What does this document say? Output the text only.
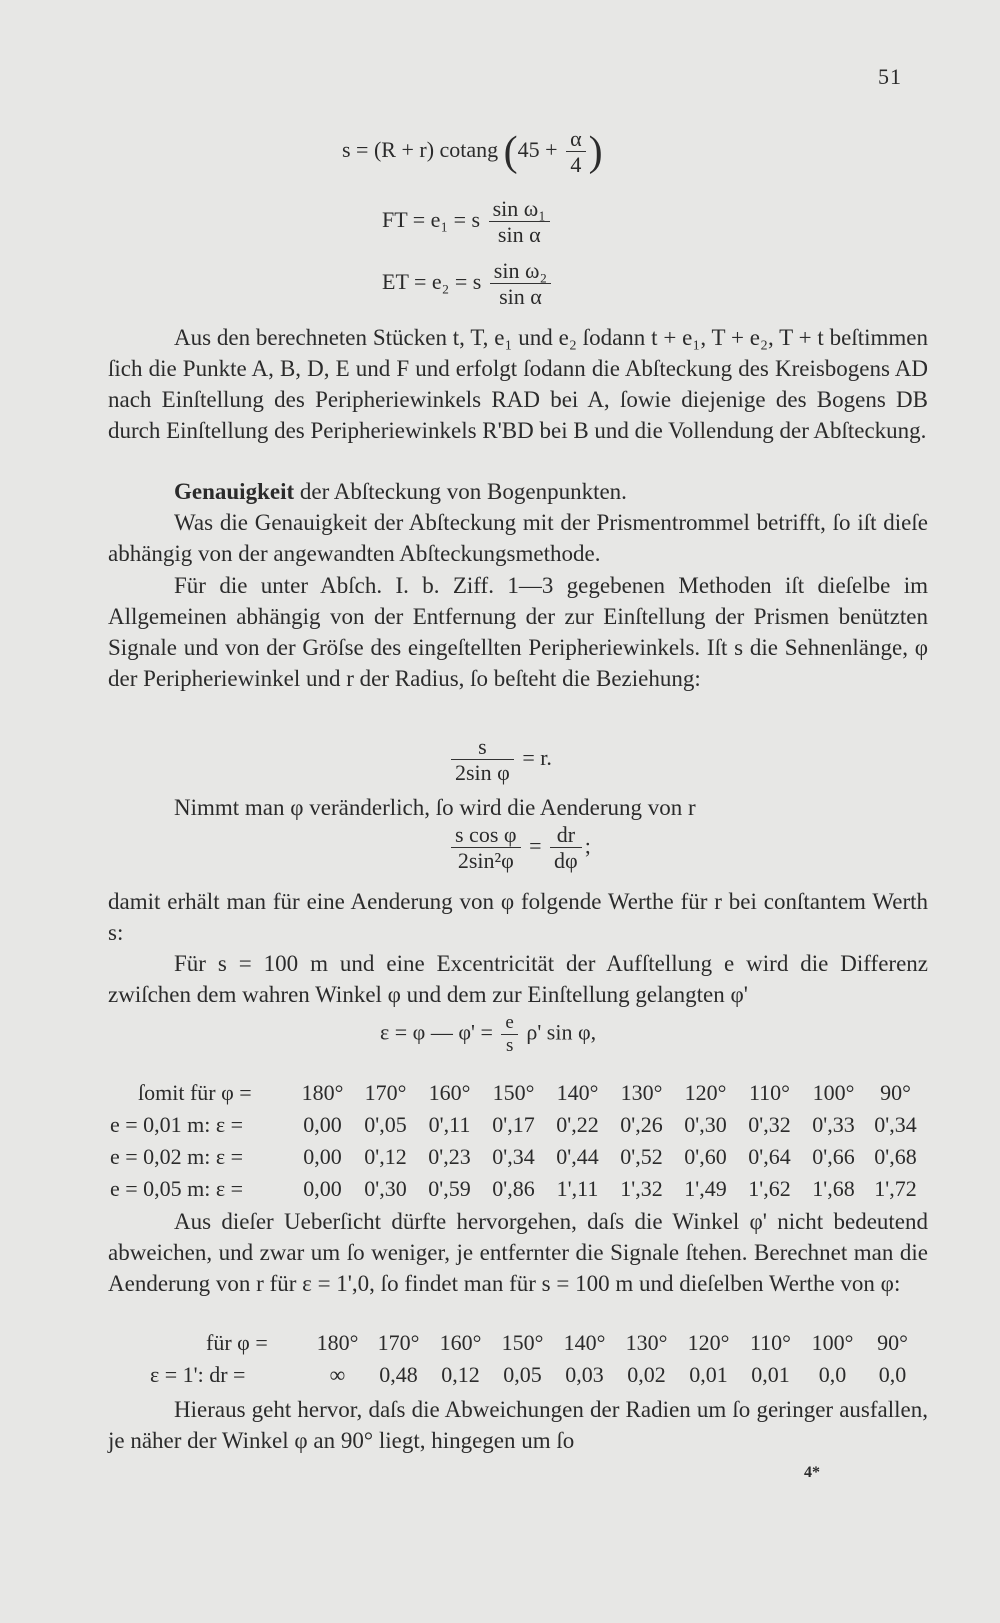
51
s = (R + r) cotang ($45 + \frac{\alpha}{4}$ )
FT = e₁ = s $\frac{\text{sin ω₁}}{\text{sin α}}$
ET = e₂ = s $\frac{\text{sin ω₂}}{\text{sin α}}$
Aus den berechneten Stücken t, T, e₁ und e₂ ſodann t + e₁, T + e₂, T + t beſtimmen ſich die Punkte A, B, D, E und F und erfolgt ſodann die Abſteckung des Kreisbogens AD nach Einſtellung des Peripheriewinkels RAD bei A, ſowie diejenige des Bogens DB durch Einſtellung des Peripheriewinkels R'BD bei B und die Vollendung der Abſteckung.
Genauigkeit der Abſteckung von Bogenpunkten.
Was die Genauigkeit der Abſteckung mit der Prismentrommel betrifft, ſo iſt dieſe abhängig von der angewandten Abſteckungsmethode.
Für die unter Abſch. I. b. Ziff. 1—3 gegebenen Methoden iſt dieſelbe im Allgemeinen abhängig von der Entfernung der zur Einſtellung der Prismen benützten Signale und von der Gröſse des eingeſtellten Peripheriewinkels. Iſt s die Sehnenlänge, φ der Peripheriewinkel und r der Radius, ſo beſteht die Beziehung:
$\frac{s}{\text{2sin φ}} = r$.
Nimmt man φ veränderlich, ſo wird die Aenderung von r
$\frac{\text{s cos φ}}{\text{2sin²φ}} = \frac{dr}{d\varphi}$ ;
damit erhält man für eine Aenderung von φ folgende Werthe für r bei conſtantem Werth s:
Für s = 100 m und eine Excentricität der Aufſtellung e wird die Differenz zwiſchen dem wahren Winkel φ und dem zur Einſtellung gelangten φ'
ε = φ — $\varphi' = \frac{e}{s} \rho'$ sin φ,
ſomit für φ = 180° 170° 160° 150° 140° 130° 120° 110° 100° 90°
e = 0,01 m: ε =	0,00 0',05 0',11 0',17 0',22 0',26 0',30 0',32 0',33 0',34
e = 0,02 m: ε =	0,00 0',12 0',23 0',34 0',44 0',52 0',60 0',64 0',66 0',68
e = 0,05 m: ε =	0,00 0',30 0',59 0',86 1',11 1',32 1',49 1',62 1',68 1',72
Aus dieſer Ueberſicht dürfte hervorgehen, daſs die Winkel φ' nicht bedeutend abweichen, und zwar um ſo weniger, je entfernter die Signale ſtehen. Berechnet man die Aenderung von r für ε = 1',0, ſo findet man für s = 100 m und dieſelben Werthe von φ:
für φ = 180° 170° 160° 150° 140° 130° 120° 110° 100° 90°
ε = 1': dr =	∞ 0,48 0,12 0,05 0,03 0,02 0,01 0,01 0,0 0,0
Hieraus geht hervor, daſs die Abweichungen der Radien um ſo geringer ausfallen, je näher der Winkel φ an 90° liegt, hingegen um ſo
4*
